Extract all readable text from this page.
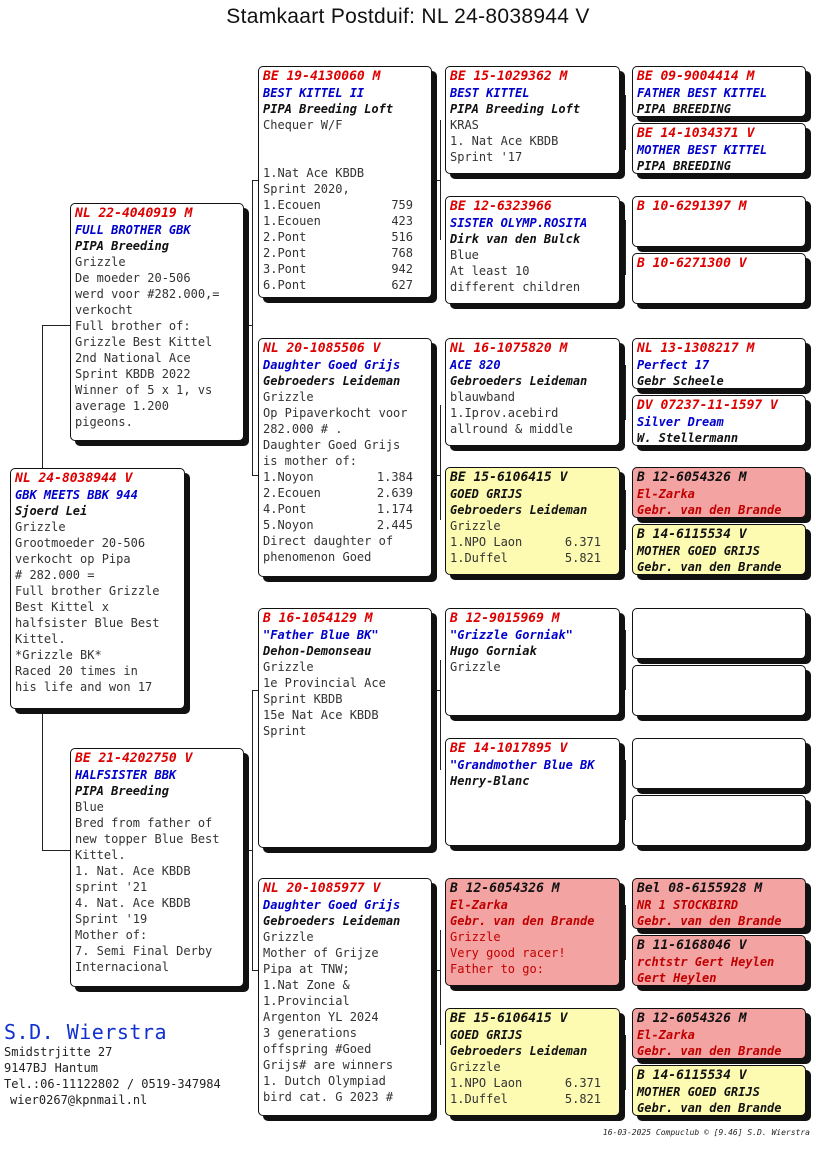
Stamkaart Postduif: NL 24-8038944 V
NL 24-8038944 V
GBK MEETS BBK 944
Sjoerd Lei
Grizzle
Grootmoeder 20-506
verkocht op Pipa
# 282.000 =
Full brother Grizzle
Best Kittel x
halfsister Blue Best
Kittel.
*Grizzle BK*
Raced 20 times in
his life and won 17
NL 22-4040919 M
FULL BROTHER GBK
PIPA Breeding
Grizzle
De moeder 20-506
werd voor #282.000,=
verkocht
Full brother of:
Grizzle Best Kittel
2nd National Ace
Sprint KBDB 2022
Winner of 5 x 1, vs
average 1.200
pigeons.
BE 21-4202750 V
HALFSISTER BBK
PIPA Breeding
Blue
Bred from father of
new topper Blue Best
Kittel.
1. Nat. Ace KBDB
sprint '21
4. Nat. Ace KBDB
Sprint '19
Mother of:
7. Semi Final Derby
Internacional
BE 19-4130060 M
BEST KITTEL II
PIPA Breeding Loft
Chequer W/F

1.Nat Ace KBDB
Sprint 2020,
1.Ecouen	759
1.Ecouen	423
2.Pont	516
2.Pont	768
3.Pont	942
6.Pont	627
NL 20-1085506 V
Daughter Goed Grijs
Gebroeders Leideman
Grizzle
Op Pipaverkocht voor
282.000 # .
Daughter Goed Grijs
is mother of:
1.Noyon	1.384
2.Ecouen	2.639
4.Pont	1.174
5.Noyon	2.445
Direct daughter of
phenomenon Goed
B 16-1054129 M
"Father Blue BK"
Dehon-Demonseau
Grizzle
1e Provincial Ace
Sprint KBDB
15e Nat Ace KBDB
Sprint
NL 20-1085977 V
Daughter Goed Grijs
Gebroeders Leideman
Grizzle
Mother of Grijze
Pipa at TNW;
1.Nat Zone &
1.Provincial
Argenton YL 2024
3 generations
offspring #Goed
Grijs# are winners
1. Dutch Olympiad
bird cat. G 2023 #
BE 15-1029362 M
BEST KITTEL
PIPA Breeding Loft
KRAS
1. Nat Ace KBDB
Sprint '17
BE 12-6323966
SISTER OLYMP.ROSITA
Dirk van den Bulck
Blue
At least 10
different children
NL 16-1075820 M
ACE 820
Gebroeders Leideman
blauwband
1.Iprov.acebird
allround & middle
BE 15-6106415 V
GOED GRIJS
Gebroeders Leideman
Grizzle
1.NPO Laon	6.371
1.Duffel	5.821
B 12-9015969 M
"Grizzle Gorniak"
Hugo Gorniak
Grizzle
BE 14-1017895 V
"Grandmother Blue BK
Henry-Blanc
B 12-6054326 M
El-Zarka
Gebr. van den Brande
Grizzle
Very good racer!
Father to go:
BE 15-6106415 V
GOED GRIJS
Gebroeders Leideman
Grizzle
1.NPO Laon	6.371
1.Duffel	5.821
BE 09-9004414 M
FATHER BEST KITTEL
PIPA BREEDING
BE 14-1034371 V
MOTHER BEST KITTEL
PIPA BREEDING
B 10-6291397 M
B 10-6271300 V
NL 13-1308217 M
Perfect 17
Gebr Scheele
DV 07237-11-1597 V
Silver Dream
W. Stellermann
B 12-6054326 M
El-Zarka
Gebr. van den Brande
B 14-6115534 V
MOTHER GOED GRIJS
Gebr. van den Brande
Bel 08-6155928 M
NR 1 STOCKBIRD
Gebr. van den Brande
B 11-6168046 V
rchtstr Gert Heylen
Gert Heylen
B 12-6054326 M
El-Zarka
Gebr. van den Brande
B 14-6115534 V
MOTHER GOED GRIJS
Gebr. van den Brande
S.D. Wierstra
Smidstrjitte 27
9147BJ Hantum
Tel.:06-11122802 / 0519-347984
wier0267@kpnmail.nl
16-03-2025 Compuclub © [9.46] S.D. Wierstra
